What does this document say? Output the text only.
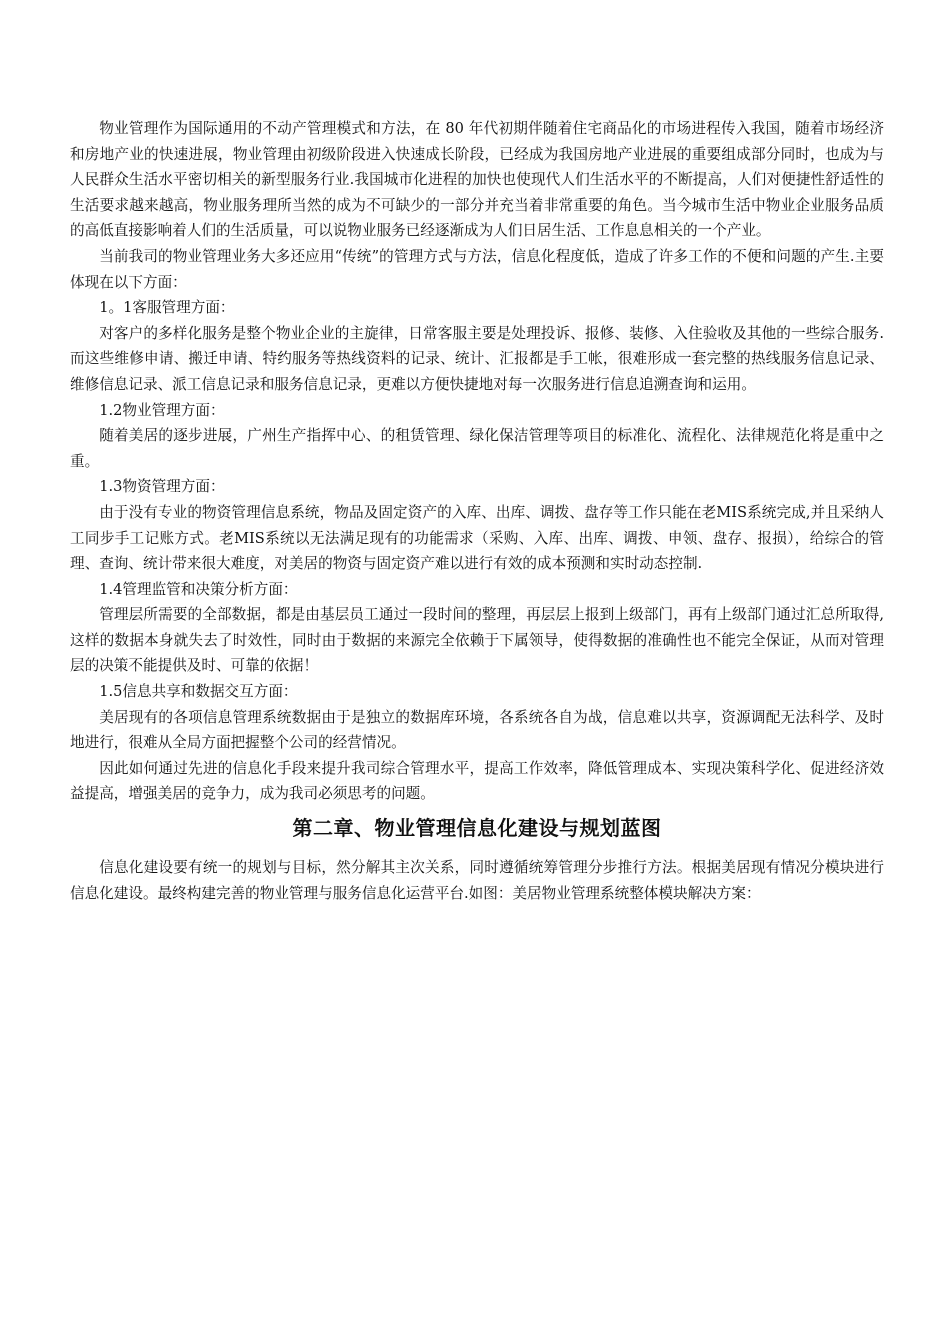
物业管理作为国际通用的不动产管理模式和方法，在 80 年代初期伴随着住宅商品化的市场进程传入我国，随着市场经济和房地产业的快速进展，物业管理由初级阶段进入快速成长阶段，已经成为我国房地产业进展的重要组成部分同时，也成为与人民群众生活水平密切相关的新型服务行业.我国城市化进程的加快也使现代人们生活水平的不断提高，人们对便捷性舒适性的生活要求越来越高，物业服务理所当然的成为不可缺少的一部分并充当着非常重要的角色。当今城市生活中物业企业服务品质的高低直接影响着人们的生活质量，可以说物业服务已经逐渐成为人们日居生活、工作息息相关的一个产业。

当前我司的物业管理业务大多还应用“传统”的管理方式与方法，信息化程度低，造成了许多工作的不便和问题的产生.主要体现在以下方面：

1。1客服管理方面：

对客户的多样化服务是整个物业企业的主旋律，日常客服主要是处理投诉、报修、装修、入住验收及其他的一些综合服务.而这些维修申请、搬迁申请、特约服务等热线资料的记录、统计、汇报都是手工帐，很难形成一套完整的热线服务信息记录、维修信息记录、派工信息记录和服务信息记录，更难以方便快捷地对每一次服务进行信息追溯查询和运用。

1.2物业管理方面：

随着美居的逐步进展，广州生产指挥中心、的租赁管理、绿化保洁管理等项目的标准化、流程化、法律规范化将是重中之重。

1.3物资管理方面：

由于没有专业的物资管理信息系统，物品及固定资产的入库、出库、调拨、盘存等工作只能在老MIS系统完成,并且采纳人工同步手工记账方式。老MIS系统以无法满足现有的功能需求（采购、入库、出库、调拨、申领、盘存、报损），给综合的管理、查询、统计带来很大难度，对美居的物资与固定资产难以进行有效的成本预测和实时动态控制.

1.4管理监管和决策分析方面：

管理层所需要的全部数据，都是由基层员工通过一段时间的整理，再层层上报到上级部门，再有上级部门通过汇总所取得,这样的数据本身就失去了时效性，同时由于数据的来源完全依赖于下属领导，使得数据的准确性也不能完全保证，从而对管理层的决策不能提供及时、可靠的依据！

1.5信息共享和数据交互方面：

美居现有的各项信息管理系统数据由于是独立的数据库环境，各系统各自为战，信息难以共享，资源调配无法科学、及时地进行，很难从全局方面把握整个公司的经营情况。

因此如何通过先进的信息化手段来提升我司综合管理水平，提高工作效率，降低管理成本、实现决策科学化、促进经济效益提高，增强美居的竞争力，成为我司必须思考的问题。

第二章、物业管理信息化建设与规划蓝图

信息化建设要有统一的规划与目标，然分解其主次关系，同时遵循统筹管理分步推行方法。根据美居现有情况分模块进行信息化建设。最终构建完善的物业管理与服务信息化运营平台.如图：美居物业管理系统整体模块解决方案：
